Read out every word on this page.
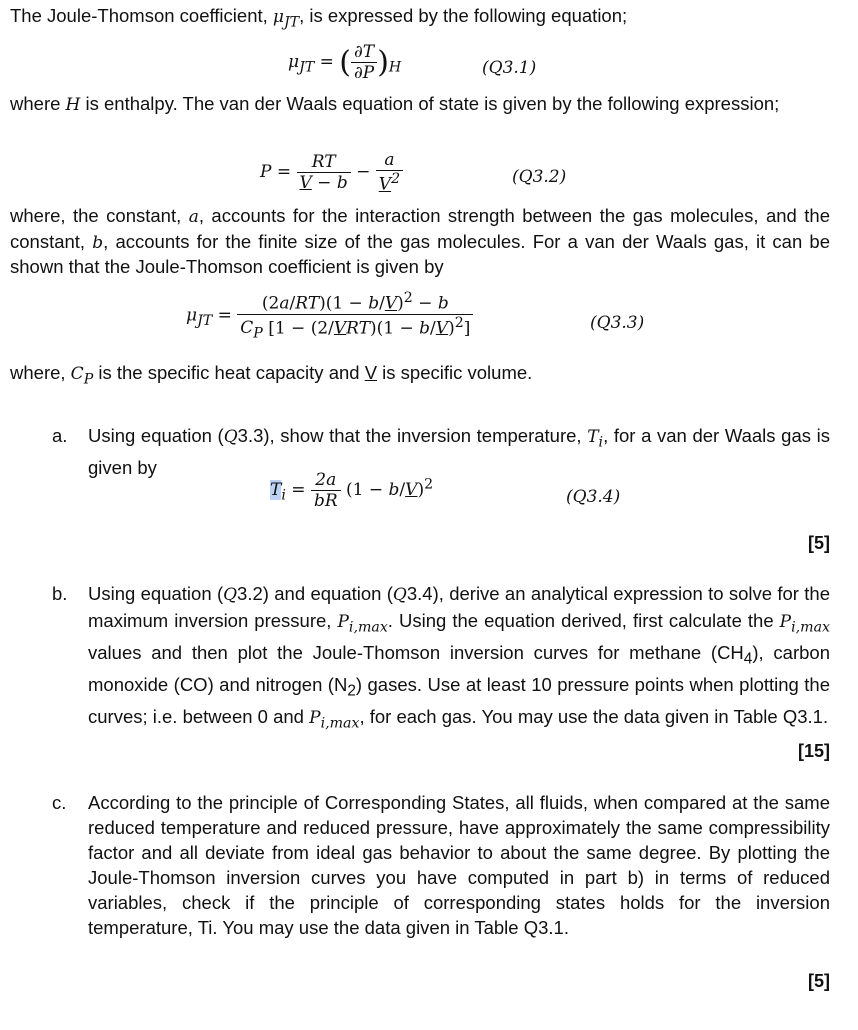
The Joule-Thomson coefficient, $\mu_{JT}$, is expressed by the following equation;
$\mu_{JT}$ = ( $\frac{\partial T}{\partial P} )_H$	(Q3.1)
where H is enthalpy. The van der Waals equation of state is given by the following expression;
$P = \frac{RT}{V - b} - \frac{a}{V^2}$	(Q3.2)
where, the constant, a, accounts for the interaction strength between the gas molecules, and the constant, b, accounts for the finite size of the gas molecules. For a van der Waals gas, it can be shown that the Joule-Thomson coefficient is given by
$\mu_{JT} = \frac{(2a/RT)(1 - b/V)^2 - b}{C_P [1 - (2/VRT)(1 - b/V)^2]}$	(Q3.3)
where, $C_P$ is the specific heat capacity and V is specific volume.
a. Using equation (Q3.3), show that the inversion temperature, $T_i$, for a van der Waals gas is given by
$T_i = \frac{2a}{bR} (1 - b/V)^2$
(Q3.4)
[5]
b. Using equation (Q3.2) and equation (Q3.4), derive an analytical expression to solve for the maximum inversion pressure, $P_{i,max}$. Using the equation derived, first calculate the $P_{i,max}$ values and then plot the Joule-Thomson inversion curves for methane $(CH_4)$, carbon monoxide (CO) and nitrogen $(N_2)$ gases. Use at least 10 pressure points when plotting the curves; i.e. between 0 and $P_{i,max}$, for each gas. You may use the data given in Table Q3.1.
[15]
c. According to the principle of Corresponding States, all fluids, when compared at the same reduced temperature and reduced pressure, have approximately the same compressibility factor and all deviate from ideal gas behavior to about the same degree. By plotting the Joule-Thomson inversion curves you have computed in part b) in terms of reduced variables, check if the principle of corresponding states holds for the inversion temperature, Ti. You may use the data given in Table Q3.1.
[5]
